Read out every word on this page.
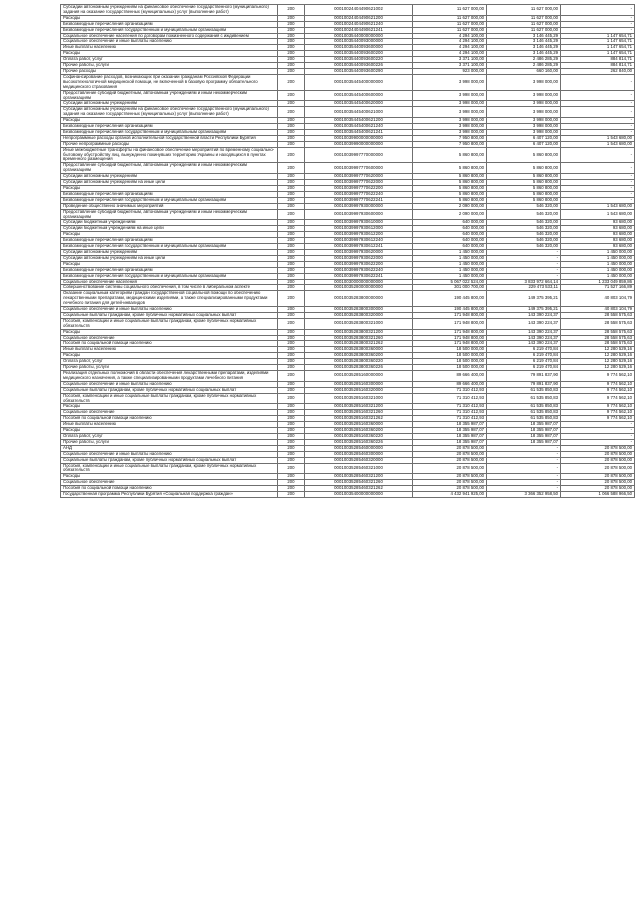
Субсидии автономным учреждениям на финансовое обеспечение государственного (муниципального) задания на оказание государственных (муниципальных) услуг (выполнение работ)	200	00010024404490621002	11 627 000,00	11 627 000,00	-
Расходы	200	00010024404490621200	11 627 000,00	11 627 000,00	-
Безвозмездные перечисления организациям	200	00010024404490621240	11 627 000,00	11 627 000,00	-
Безвозмездные перечисления государственным и муниципальным организациям	200	00010024404490621241	11 627 000,00	11 627 000,00	-
Социальное обеспечение населения по договорам пожизненного содержания с иждивением	200	00010035440000000000	4 294 100,00	3 146 445,29	1 147 654,71
Социальное обеспечение и иные выплаты населению	200	00010035440093000000	4 294 100,00	3 146 445,29	1 147 654,71
Иные выплаты населению	200	00010035440093600000	4 294 100,00	3 146 445,29	1 147 654,71
Расходы	200	00010035440093600200	4 294 100,00	3 146 445,29	1 147 654,71
Оплата работ, услуг	200	00010035440093600220	3 371 100,00	2 486 285,29	884 814,71
Прочие работы, услуги	200	00010035440093600226	3 371 100,00	2 486 285,29	884 814,71
Прочие расходы	200	00010035440093600290	923 000,00	660 160,00	262 840,00
Софинансирование расходов, возникающих при оказании гражданам Российской Федерации высокотехнологичной медицинской помощи, не включенной в базовую программу обязательного медицинского страхования	200	00010035445400000000	3 998 000,00	3 998 000,00	-
Предоставление субсидий бюджетным, автономным учреждениям и иным некоммерческим организациям	200	00010035445400600000	3 998 000,00	3 998 000,00	-
Субсидии автономным учреждениям	200	00010035445400620000	3 998 000,00	3 998 000,00	-
Субсидии автономным учреждениям на финансовое обеспечение государственного (муниципального) задания на оказание государственных (муниципальных) услуг (выполнение работ)	200	00010035445400621000	3 998 000,00	3 998 000,00	-
Расходы	200	00010035445400621200	3 998 000,00	3 998 000,00	-
Безвозмездные перечисления организациям	200	00010035445400621240	3 998 000,00	3 998 000,00	-
Безвозмездные перечисления государственным и муниципальным организациям	200	00010035445400621241	3 998 000,00	3 998 000,00	-
Непрограммные расходы органов исполнительной государственной власти Республики Бурятия	200	00010039900000000000	7 950 800,00	6 407 120,00	1 543 680,00
Прочие непрограммные расходы	200	00010039990000000000	7 950 800,00	6 407 120,00	1 543 680,00
Иные межбюджетные трансферты на финансовое обеспечение мероприятий по временному социально-бытовому обустройству лиц, вынужденно покинувших территорию Украины и находящихся в пунктах временного размещения	200	00010039997770000000	5 860 800,00	5 860 800,00	-
Предоставление субсидий бюджетным, автономным учреждениям и иным некоммерческим организациям	200	00010039997770600000	5 860 800,00	5 860 800,00	-
Субсидии автономным учреждениям	200	00010039997770620000	5 860 800,00	5 860 800,00	-
Субсидии автономным учреждениям на иные цели	200	00010039997770622000	5 860 800,00	5 860 800,00	-
Расходы	200	00010039997770622200	5 860 800,00	5 860 800,00	-
Безвозмездные перечисления организациям	200	00010039997770622240	5 860 800,00	5 860 800,00	-
Безвозмездные перечисления государственным и муниципальным организациям	200	00010039997770622241	5 860 800,00	5 860 800,00	-
Проведение общественно значимых мероприятий	200	00010039997930000000	2 090 000,00	546 320,00	1 543 680,00
Предоставление субсидий бюджетным, автономным учреждениям и иным некоммерческим организациям	200	00010039997930600000	2 090 000,00	546 320,00	1 543 680,00
Субсидии бюджетным учреждениям	200	00010039997930610000	640 000,00	546 320,00	93 680,00
Субсидии бюджетным учреждениям на иные цели	200	00010039997930612000	640 000,00	546 320,00	93 680,00
Расходы	200	00010039997930612200	640 000,00	546 320,00	93 680,00
Безвозмездные перечисления организациям	200	00010039997930612240	640 000,00	546 320,00	93 680,00
Безвозмездные перечисления государственным и муниципальным организациям	200	00010039997930612241	640 000,00	546 320,00	93 680,00
Субсидии автономным учреждениям	200	00010039997930620000	1 450 000,00	-	1 450 000,00
Субсидии автономным учреждениям на иные цели	200	00010039997930622000	1 450 000,00	-	1 450 000,00
Расходы	200	00010039997930622200	1 450 000,00	-	1 450 000,00
Безвозмездные перечисления организациям	200	00010039997930622240	1 450 000,00	-	1 450 000,00
Безвозмездные перечисления государственным и муниципальным организациям	200	00010039997930622241	1 450 000,00	-	1 450 000,00
Социальное обеспечение населения	200	00010030000000000000	5 067 022 524,00	3 833 972 664,14	1 233 049 859,86
Совершенствование системы социального обеспечения, в том числе в либеральном аспекте	200	00010035280000000000	301 000 700,00	229 473 533,11	71 527 166,89
Оказание социальным категориям граждан государственной социальной помощи по обеспечению лекарственными препаратами, медицинскими изделиями, а также специализированными продуктами лечебного питания для детей-инвалидов	200	00010035283800000000	190 445 800,00	149 375 395,21	40 803 104,79
Социальное обеспечение и иные выплаты населению	200	00010035283800300000	190 445 800,00	149 375 395,21	40 803 104,79
Социальные выплаты гражданам, кроме публичных нормативных социальных выплат	200	00010035283800320000	171 948 800,00	143 390 224,37	28 558 575,63
Пособия, компенсации и иные социальные выплаты гражданам, кроме публичных нормативных обязательств	200	00010035283800321000	171 948 800,00	143 390 224,37	28 558 575,63
Расходы	200	00010035283800321200	171 948 800,00	143 390 224,37	28 558 575,63
Социальное обеспечение	200	00010035283800321260	171 948 800,00	143 390 224,37	28 558 575,63
Пособия по социальной помощи населению	200	00010035283800321262	171 948 800,00	143 390 224,37	28 558 575,63
Иные выплаты населению	200	00010035283800360000	18 500 000,00	6 219 470,84	12 280 529,16
Расходы	200	00010035283800360200	18 500 000,00	6 219 470,84	12 280 529,16
Оплата работ, услуг	200	00010035283800360220	18 500 000,00	6 219 470,84	12 280 529,16
Прочие работы, услуги	200	00010035283800360226	18 500 000,00	6 219 470,84	12 280 529,16
Реализация отдельных полномочий в области обеспечения лекарственными препаратами, изделиями медицинского назначения, а также специализированными продуктами лечебного питания	200	00010035285160000000	89 666 400,00	79 891 837,90	9 774 562,10
Социальное обеспечение и иные выплаты населению	200	00010035285160300000	89 666 400,00	79 891 837,90	9 774 562,10
Социальные выплаты гражданам, кроме публичных нормативных социальных выплат	200	00010035285160320000	71 310 412,93	61 535 850,83	9 774 562,10
Пособия, компенсации и иные социальные выплаты гражданам, кроме публичных нормативных обязательств	200	00010035285160321000	71 310 412,93	61 535 850,83	9 774 562,10
Расходы	200	00010035285160321200	71 310 412,93	61 535 850,83	9 774 562,10
Социальное обеспечение	200	00010035285160321260	71 310 412,93	61 535 850,83	9 774 562,10
Пособия по социальной помощи населению	200	00010035285160321262	71 310 412,93	61 535 850,83	9 774 562,10
Иные выплаты населению	200	00010035285160360000	18 355 987,07	18 355 987,07	-
Расходы	200	00010035285160360200	18 355 987,07	18 355 987,07	-
Оплата работ, услуг	200	00010035285160360220	18 355 987,07	18 355 987,07	-
Прочие работы, услуги	200	00010035285160360226	18 355 987,07	18 355 987,07	-
АНД	200	00010035285460000000	20 878 500,00	-	20 878 500,00
Социальное обеспечение и иные выплаты населению	200	00010035285460300000	20 878 500,00	-	20 878 500,00
Социальные выплаты гражданам, кроме публичных нормативных социальных выплат	200	00010035285460320000	20 878 500,00	-	20 878 500,00
Пособия, компенсации и иные социальные выплаты гражданам, кроме публичных нормативных обязательств	200	00010035285460321000	20 878 500,00	-	20 878 500,00
Расходы	200	00010035285460321200	20 878 500,00	-	20 878 500,00
Социальное обеспечение	200	00010035285460321260	20 878 500,00	-	20 878 500,00
Пособия по социальной помощи населению	200	00010035285460321262	20 878 500,00	-	20 878 500,00
Государственная программа Республики Бурятия «Социальная поддержка граждан»	200	00010035400000000000	4 432 941 925,00	3 366 352 958,50	1 066 588 966,50
